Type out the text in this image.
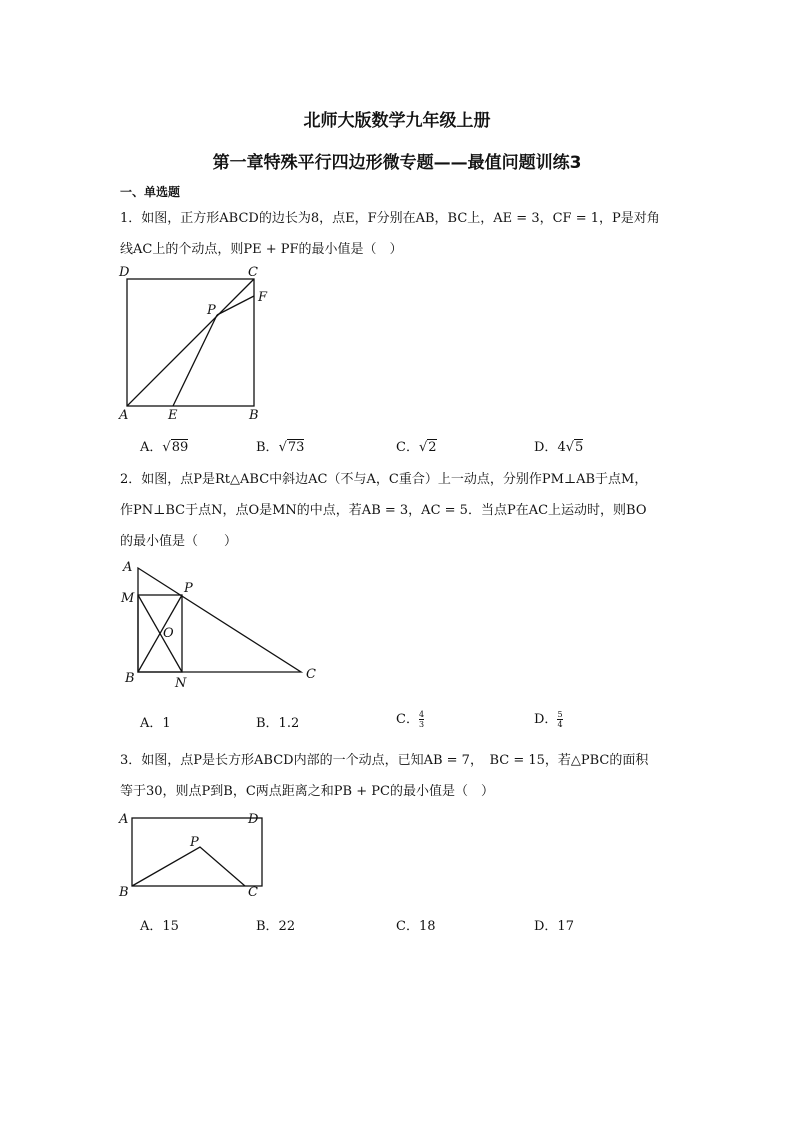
北师大版数学九年级上册
第一章特殊平行四边形微专题——最值问题训练3
一、单选题
1．如图，正方形ABCD的边长为8，点E，F分别在AB，BC上，AE = 3，CF = 1，P是对角
线AC上的个动点，则PE + PF的最小值是（　）
D	C
F
P
A	E	B
A．√89	B．√73	C．√2	D．4√5
2．如图，点P是Rt△ABC中斜边AC（不与A，C重合）上一动点，分别作PM⊥AB于点M，
作PN⊥BC于点N，点O是MN的中点，若AB = 3，AC = 5．当点P在AC上运动时，则BO
的最小值是（　　）
A
M
P
O
B	N
C
A．1	B．1.2	C． $\frac{4}{3}$	D． $\frac{5}{4}$
3．如图，点P是长方形ABCD内部的一个动点，已知AB = 7，　BC = 15，若△PBC的面积
等于30，则点P到B，C两点距离之和PB + PC的最小值是（　）
A	D
P
B	C
A．15	B．22	C．18	D．17
